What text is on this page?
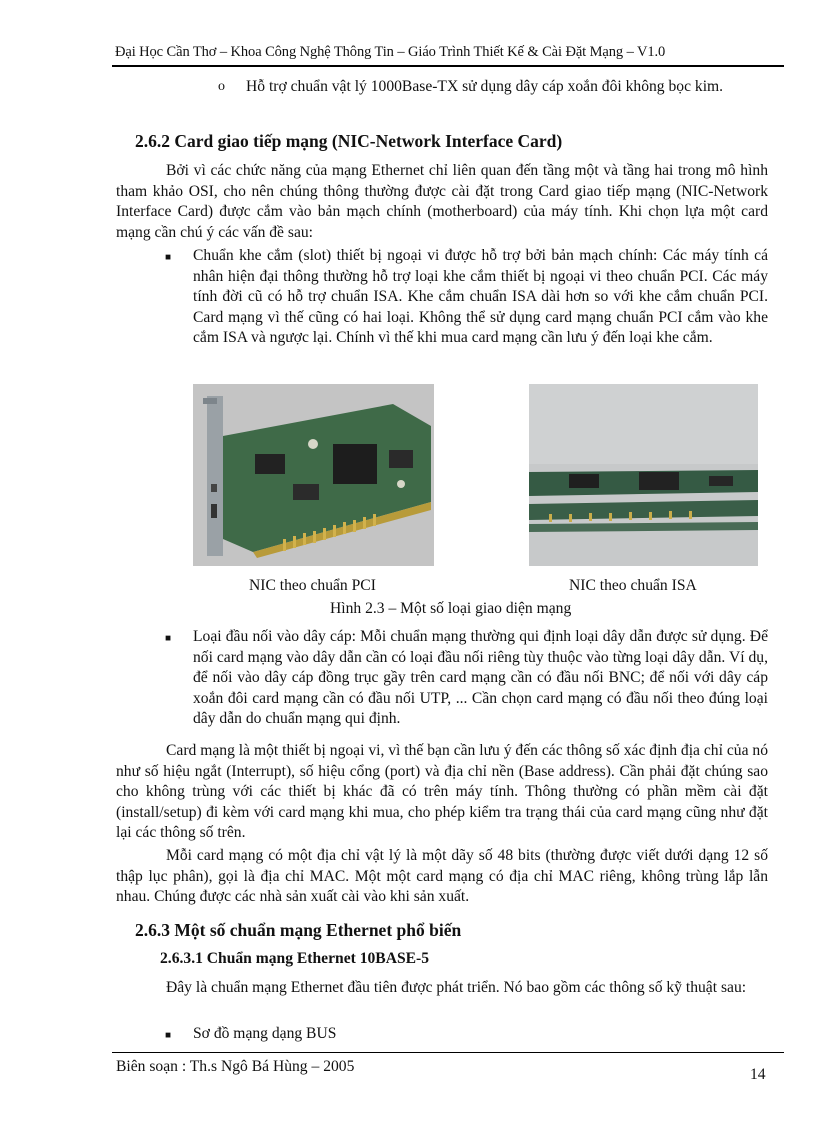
Đại Học Cần Thơ – Khoa Công Nghệ Thông Tin – Giáo Trình Thiết Kế & Cài Đặt Mạng – V1.0
o Hỗ trợ chuẩn vật lý 1000Base-TX sử dụng dây cáp xoắn đôi không bọc kim.

2.6.2 Card giao tiếp mạng (NIC-Network Interface Card)

Bởi vì các chức năng của mạng Ethernet chỉ liên quan đến tầng một và tầng hai trong mô hình tham khảo OSI, cho nên chúng thông thường được cài đặt trong Card giao tiếp mạng (NIC-Network Interface Card) được cắm vào bản mạch chính (motherboard) của máy tính. Khi chọn lựa một card mạng cần chú ý các vấn đề sau:

■ Chuẩn khe cắm (slot) thiết bị ngoại vi được hỗ trợ bởi bản mạch chính: Các máy tính cá nhân hiện đại thông thường hỗ trợ loại khe cắm thiết bị ngoại vi theo chuẩn PCI. Các máy tính đời cũ có hỗ trợ chuẩn ISA. Khe cắm chuẩn ISA dài hơn so với khe cắm chuẩn PCI. Card mạng vì thế cũng có hai loại. Không thể sử dụng card mạng chuẩn PCI cắm vào khe cắm ISA và ngược lại. Chính vì thế khi mua card mạng cần lưu ý đến loại khe cắm.

NIC theo chuẩn PCI	NIC theo chuẩn ISA
Hình 2.3 – Một số loại giao diện mạng
■ Loại đầu nối vào dây cáp: Mỗi chuẩn mạng thường qui định loại dây dẫn được sử dụng. Để nối card mạng vào dây dẫn cần có loại đầu nối riêng tùy thuộc vào từng loại dây dẫn. Ví dụ, để nối vào dây cáp đồng trục gầy trên card mạng cần có đầu nối BNC; để nối với dây cáp xoắn đôi card mạng cần có đầu nối UTP, ... Cần chọn card mạng có đầu nối theo đúng loại dây dẫn do chuẩn mạng qui định.

Card mạng là một thiết bị ngoại vi, vì thế bạn cần lưu ý đến các thông số xác định địa chỉ của nó như số hiệu ngắt (Interrupt), số hiệu cổng (port) và địa chỉ nền (Base address). Cần phải đặt chúng sao cho không trùng với các thiết bị khác đã có trên máy tính. Thông thường có phần mềm cài đặt (install/setup) đi kèm với card mạng khi mua, cho phép kiểm tra trạng thái của card mạng cũng như đặt lại các thông số trên.

Mỗi card mạng có một địa chỉ vật lý là một dãy số 48 bits (thường được viết dưới dạng 12 số thập lục phân), gọi là địa chỉ MAC. Một một card mạng có địa chỉ MAC riêng, không trùng lắp lẫn nhau. Chúng được các nhà sản xuất cài vào khi sản xuất.

2.6.3 Một số chuẩn mạng Ethernet phổ biến
2.6.3.1 Chuẩn mạng Ethernet 10BASE-5

Đây là chuẩn mạng Ethernet đầu tiên được phát triển. Nó bao gồm các thông số kỹ thuật sau:

■ Sơ đồ mạng dạng BUS

Biên soạn : Th.s Ngô Bá Hùng – 2005	14
